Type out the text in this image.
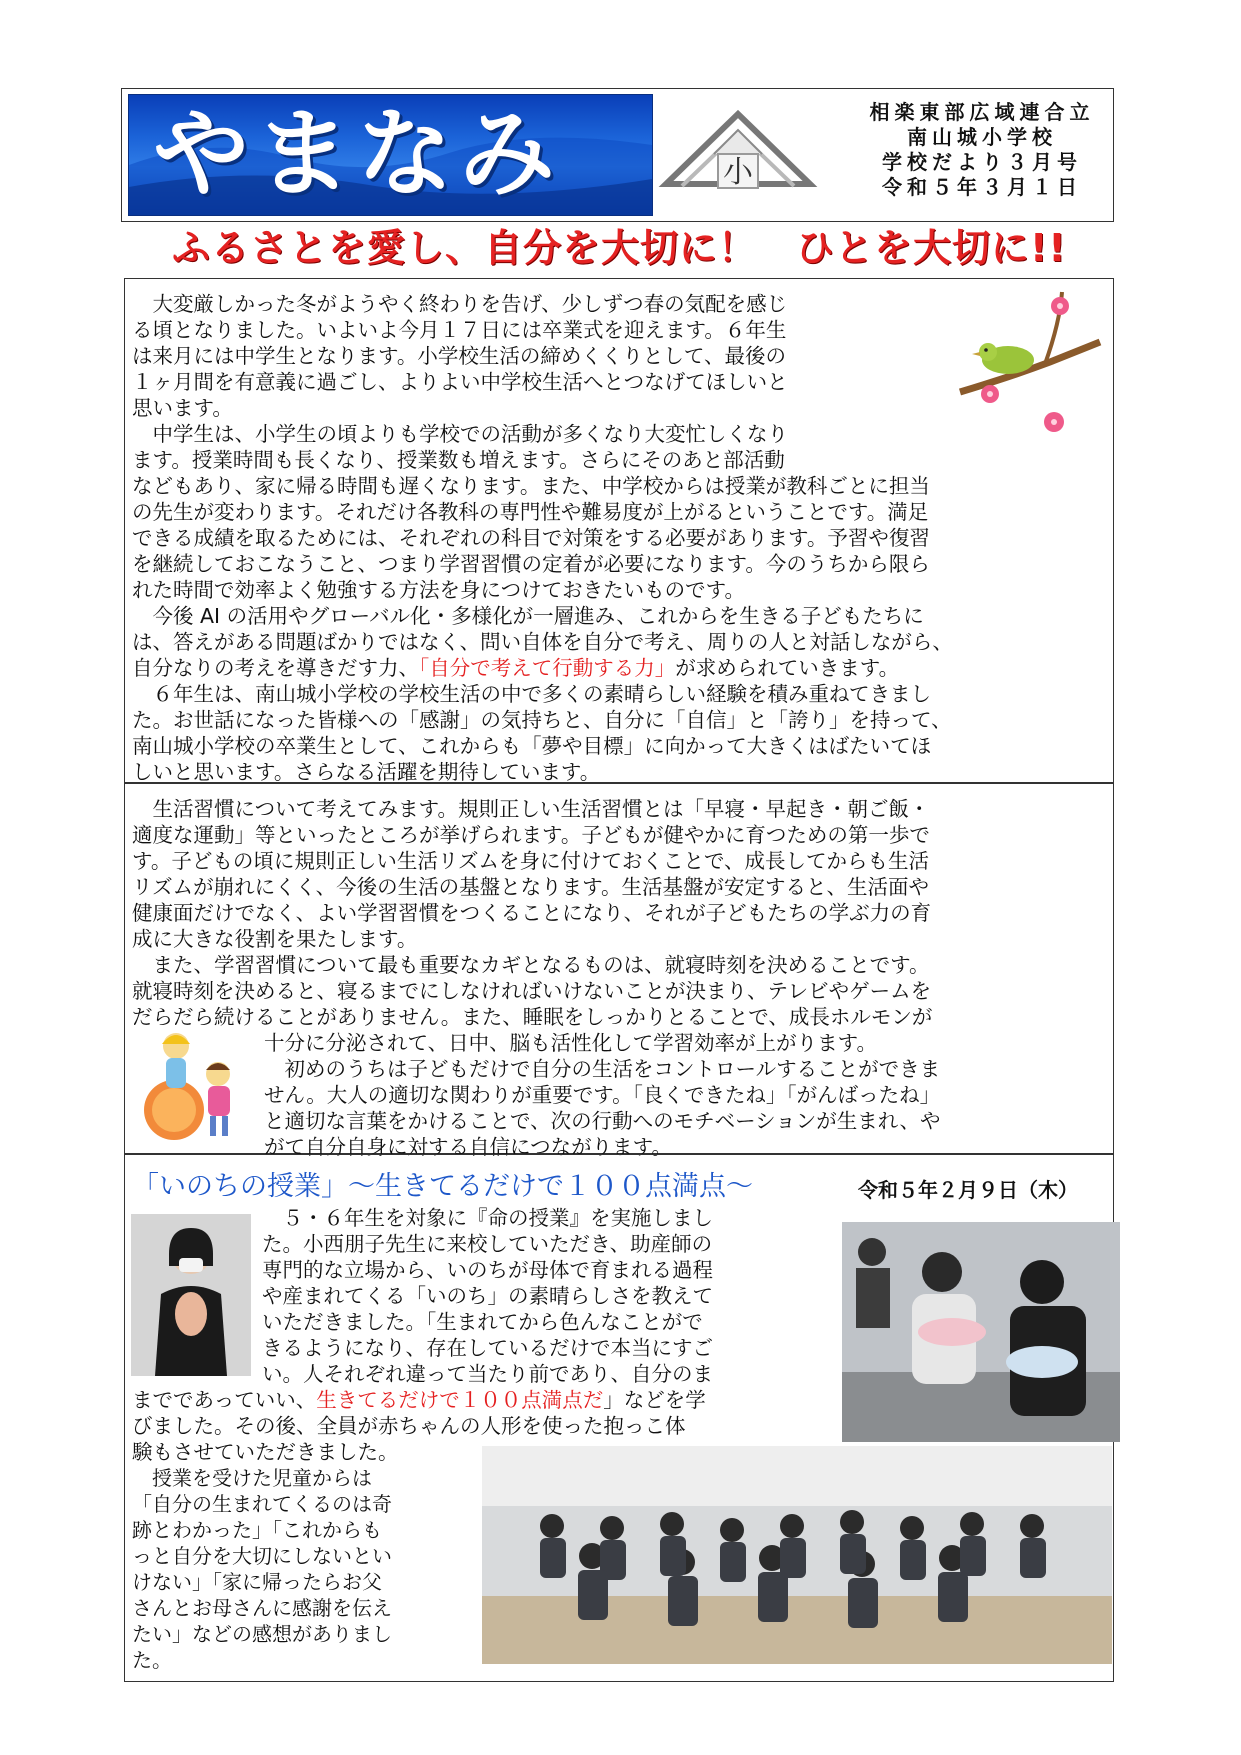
やまなみ	小
相楽東部広域連合立
南山城小学校
学校だより３月号
令和５年３月１日
ふるさとを愛し、自分を大切に！　ひとを大切に!!
　大変厳しかった冬がようやく終わりを告げ、少しずつ春の気配を感じ
る頃となりました。いよいよ今月１７日には卒業式を迎えます。６年生
は来月には中学生となります。小学校生活の締めくくりとして、最後の
１ヶ月間を有意義に過ごし、よりよい中学校生活へとつなげてほしいと
思います。
　中学生は、小学生の頃よりも学校での活動が多くなり大変忙しくなり
ます。授業時間も長くなり、授業数も増えます。さらにそのあと部活動
などもあり、家に帰る時間も遅くなります。また、中学校からは授業が教科ごとに担当
の先生が変わります。それだけ各教科の専門性や難易度が上がるということです。満足
できる成績を取るためには、それぞれの科目で対策をする必要があります。予習や復習
を継続しておこなうこと、つまり学習習慣の定着が必要になります。今のうちから限ら
れた時間で効率よく勉強する方法を身につけておきたいものです。
　今後 AI の活用やグローバル化・多様化が一層進み、これからを生きる子どもたちに
は、答えがある問題ばかりではなく、問い自体を自分で考え、周りの人と対話しながら、
自分なりの考えを導きだす力、「自分で考えて行動する力」が求められていきます。
　６年生は、南山城小学校の学校生活の中で多くの素晴らしい経験を積み重ねてきまし
た。お世話になった皆様への「感謝」の気持ちと、自分に「自信」と「誇り」を持って、
南山城小学校の卒業生として、これからも「夢や目標」に向かって大きくはばたいてほ
しいと思います。さらなる活躍を期待しています。
　生活習慣について考えてみます。規則正しい生活習慣とは「早寝・早起き・朝ご飯・
適度な運動」等といったところが挙げられます。子どもが健やかに育つための第一歩で
す。子どもの頃に規則正しい生活リズムを身に付けておくことで、成長してからも生活
リズムが崩れにくく、今後の生活の基盤となります。生活基盤が安定すると、生活面や
健康面だけでなく、よい学習習慣をつくることになり、それが子どもたちの学ぶ力の育
成に大きな役割を果たします。
　また、学習習慣について最も重要なカギとなるものは、就寝時刻を決めることです。
就寝時刻を決めると、寝るまでにしなければいけないことが決まり、テレビやゲームを
だらだら続けることがありません。また、睡眠をしっかりとることで、成長ホルモンが
十分に分泌されて、日中、脳も活性化して学習効率が上がります。
　初めのうちは子どもだけで自分の生活をコントロールすることができま
せん。大人の適切な関わりが重要です。「良くできたね」「がんばったね」
と適切な言葉をかけることで、次の行動へのモチベーションが生まれ、や
がて自分自身に対する自信につながります。
「いのちの授業」～生きてるだけで１００点満点～	令和５年２月９日（木）
　５・６年生を対象に『命の授業』を実施しまし
た。小西朋子先生に来校していただき、助産師の
専門的な立場から、いのちが母体で育まれる過程
や産まれてくる「いのち」の素晴らしさを教えて
いただきました。「生まれてから色んなことがで
きるようになり、存在しているだけで本当にすご
い。人それぞれ違って当たり前であり、自分のま
までであっていい、生きてるだけで１００点満点だ」などを学
びました。その後、全員が赤ちゃんの人形を使った抱っこ体
験もさせていただきました。
　授業を受けた児童からは
「自分の生まれてくるのは奇
跡とわかった」「これからも
っと自分を大切にしないとい
けない」「家に帰ったらお父
さんとお母さんに感謝を伝え
たい」などの感想がありまし
た。
